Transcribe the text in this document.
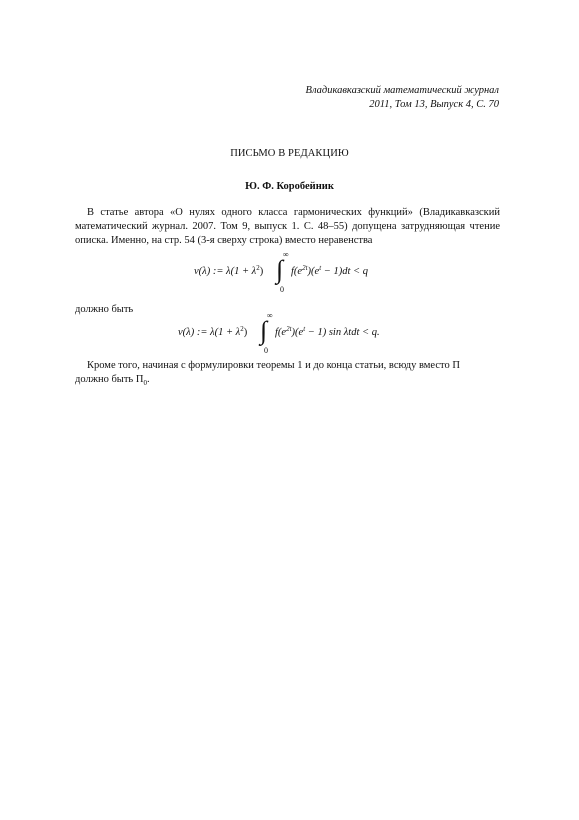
Владикавказский математический журнал
2011, Том 13, Выпуск 4, С. 70
ПИСЬМО В РЕДАКЦИЮ
Ю. Ф. Коробейник
В статье автора «О нулях одного класса гармонических функций» (Владикавказский математический журнал. 2007. Том 9, выпуск 1. С. 48–55) допущена затрудняющая чтение описка. Именно, на стр. 54 (3-я сверху строка) вместо неравенства
ν(λ) := $\lambda(1 + \lambda^2)$
∞
∫
0
$f(e^{2t})(e^t - 1)dt < q$
должно быть
ν(λ) := $\lambda(1 + \lambda^2)$
∞
∫
0
$f(e^{2t})(e^t - 1)$ sin λtdt < q.
Кроме того, начиная с формулировки теоремы 1 и до конца статьи, всюду вместо Π
должно быть $\Pi_0$.
